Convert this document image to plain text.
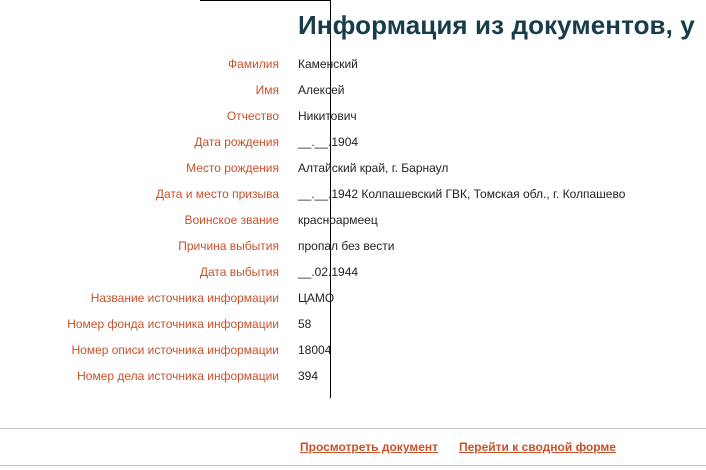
Информация из документов, у
Фамилия Каменский
Имя Алексей
Отчество Никитович
Дата рождения __.__.1904
Место рождения Алтайский край, г. Барнаул
Дата и место призыва __.__.1942 Колпашевский ГВК, Томская обл., г. Колпашево
Воинское звание красноармеец
Причина выбытия пропал без вести
Дата выбытия __.02.1944
Название источника информации ЦАМО
Номер фонда источника информации 58
Номер описи источника информации 18004
Номер дела источника информации 394
Просмотреть документ Перейти к сводной форме
